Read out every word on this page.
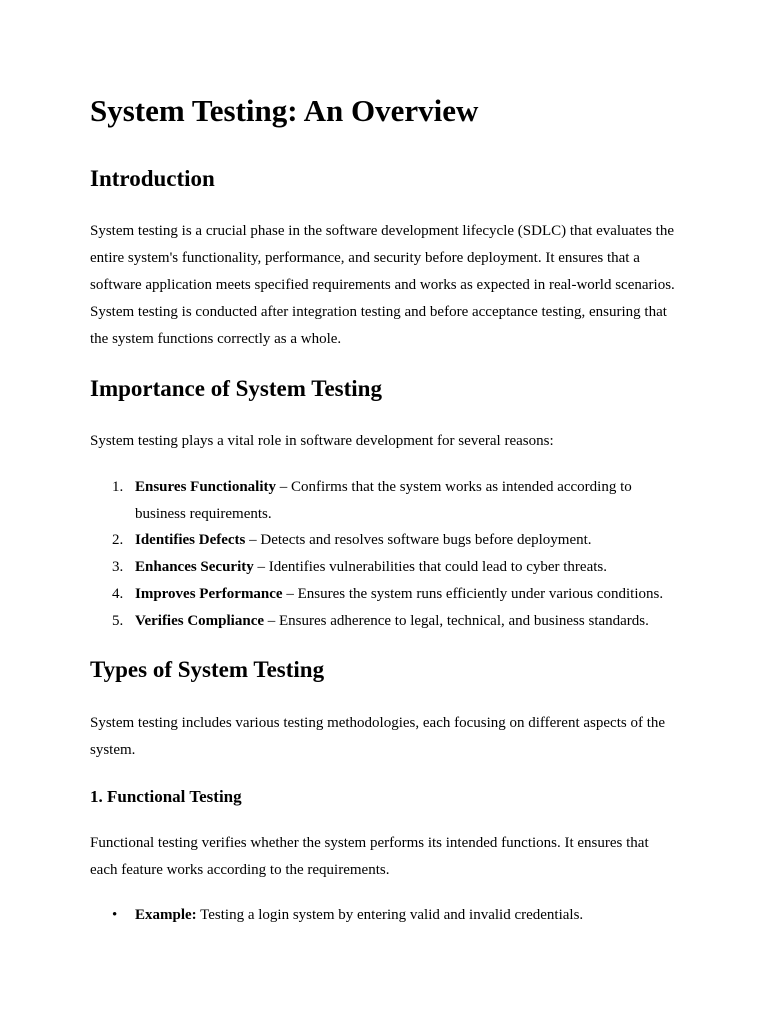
System Testing: An Overview
Introduction

System testing is a crucial phase in the software development lifecycle (SDLC) that evaluates the
entire system's functionality, performance, and security before deployment. It ensures that a
software application meets specified requirements and works as expected in real-world scenarios.
System testing is conducted after integration testing and before acceptance testing, ensuring that
the system functions correctly as a whole.

Importance of System Testing

System testing plays a vital role in software development for several reasons:

1. Ensures Functionality – Confirms that the system works as intended according to
business requirements.
2. Identifies Defects – Detects and resolves software bugs before deployment.
3. Enhances Security – Identifies vulnerabilities that could lead to cyber threats.
4. Improves Performance – Ensures the system runs efficiently under various conditions.
5. Verifies Compliance – Ensures adherence to legal, technical, and business standards.
Types of System Testing

System testing includes various testing methodologies, each focusing on different aspects of the
system.

1. Functional Testing

Functional testing verifies whether the system performs its intended functions. It ensures that
each feature works according to the requirements.

• Example: Testing a login system by entering valid and invalid credentials.
